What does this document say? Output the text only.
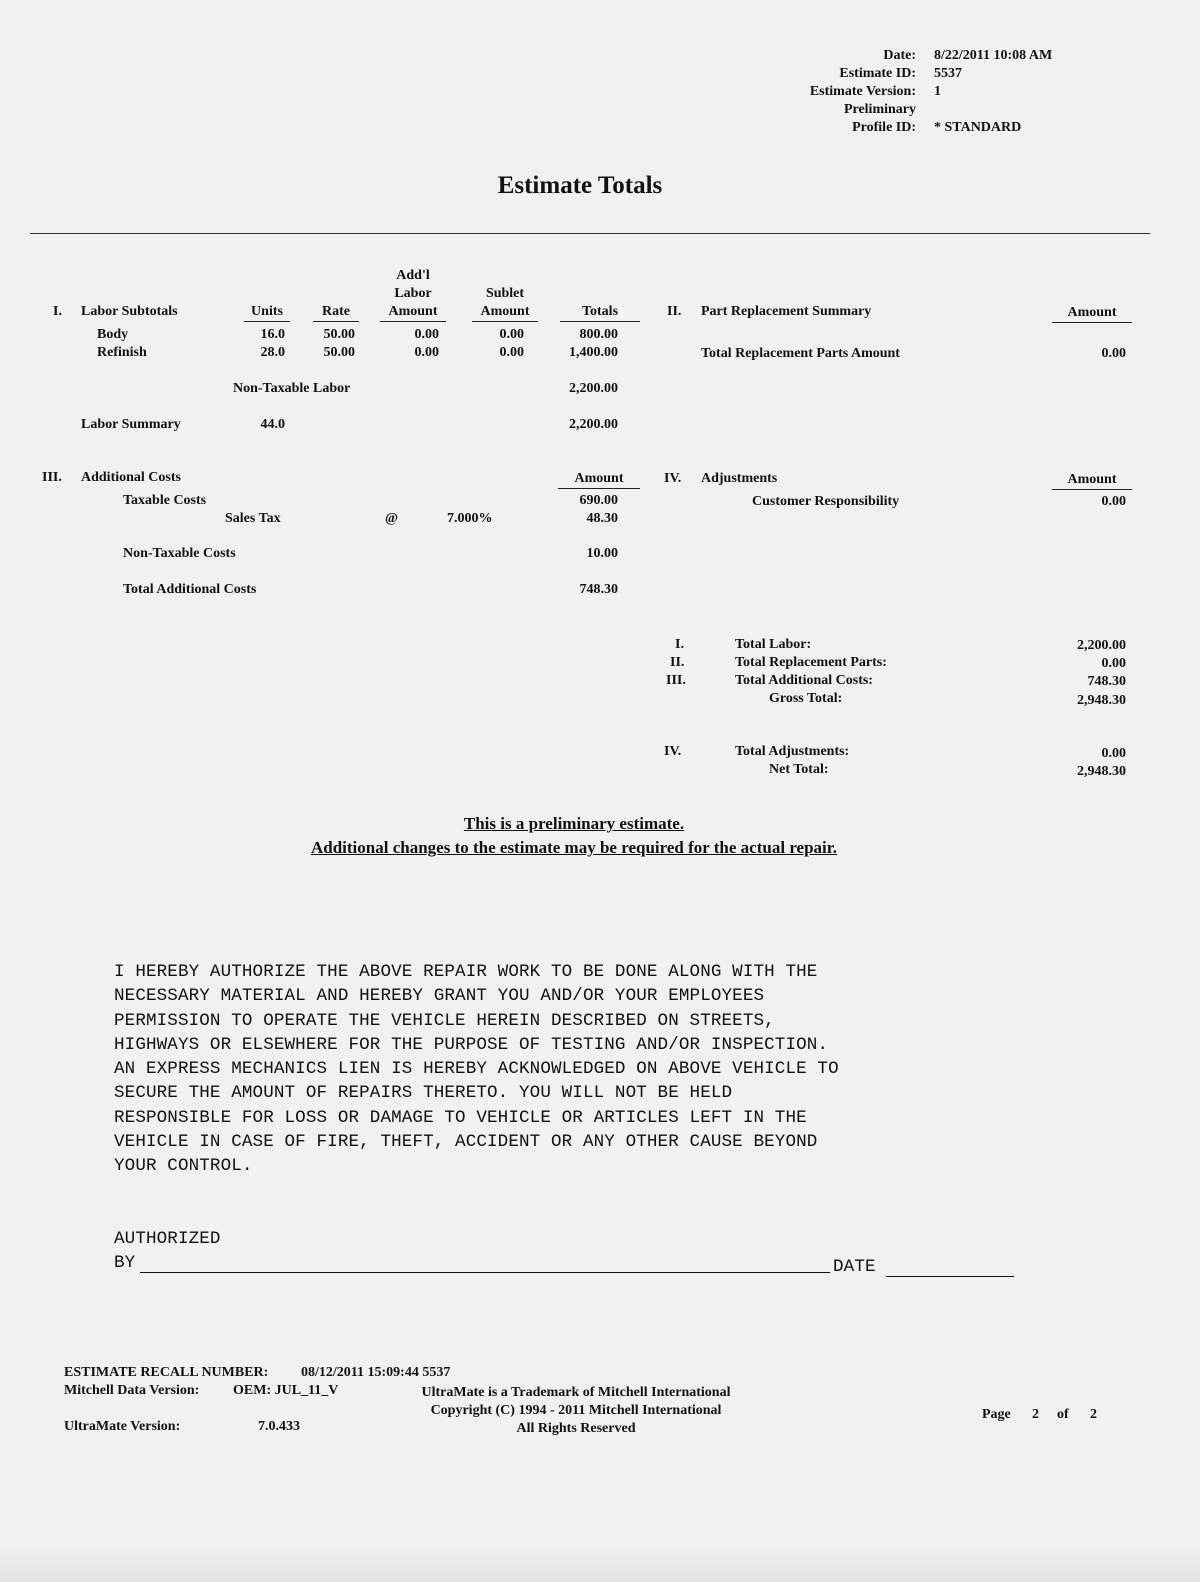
Date: 8/22/2011 10:08 AM
Estimate ID: 5537
Estimate Version: 1
Preliminary
Profile ID: * STANDARD
Estimate Totals
I. Labor Subtotals	Units	Rate
Add'l
Labor
Amount
Sublet
Amount	Totals
Body	16.0	50.00	0.00	0.00	800.00
Refinish	28.0	50.00	0.00	0.00	1,400.00
Non-Taxable Labor	2,200.00
Labor Summary	44.0	2,200.00
II. Part Replacement Summary	Amount
Total Replacement Parts Amount	0.00
III. Additional Costs	Amount
Taxable Costs	690.00
Sales Tax	@	7.000%	48.30
Non-Taxable Costs	10.00
Total Additional Costs	748.30
IV. Adjustments	Amount
Customer Responsibility	0.00
I.	Total Labor:	2,200.00
II.	Total Replacement Parts:	0.00
III.	Total Additional Costs:	748.30
Gross Total:	2,948.30
IV.	Total Adjustments:	0.00
Net Total:	2,948.30
This is a preliminary estimate.
Additional changes to the estimate may be required for the actual repair.
I HEREBY AUTHORIZE THE ABOVE REPAIR WORK TO BE DONE ALONG WITH THE
NECESSARY MATERIAL AND HEREBY GRANT YOU AND/OR YOUR EMPLOYEES
PERMISSION TO OPERATE THE VEHICLE HEREIN DESCRIBED ON STREETS,
HIGHWAYS OR ELSEWHERE FOR THE PURPOSE OF TESTING AND/OR INSPECTION.
AN EXPRESS MECHANICS LIEN IS HEREBY ACKNOWLEDGED ON ABOVE VEHICLE TO
SECURE THE AMOUNT OF REPAIRS THERETO. YOU WILL NOT BE HELD
RESPONSIBLE FOR LOSS OR DAMAGE TO VEHICLE OR ARTICLES LEFT IN THE
VEHICLE IN CASE OF FIRE, THEFT, ACCIDENT OR ANY OTHER CAUSE BEYOND
YOUR CONTROL.
AUTHORIZED
BY	DATE
ESTIMATE RECALL NUMBER: 08/12/2011 15:09:44 5537
Mitchell Data Version: OEM: JUL_11_V
UltraMate Version:	7.0.433
UltraMate is a Trademark of Mitchell International
Copyright (C) 1994 - 2011 Mitchell International
All Rights Reserved
Page 2 of 2
